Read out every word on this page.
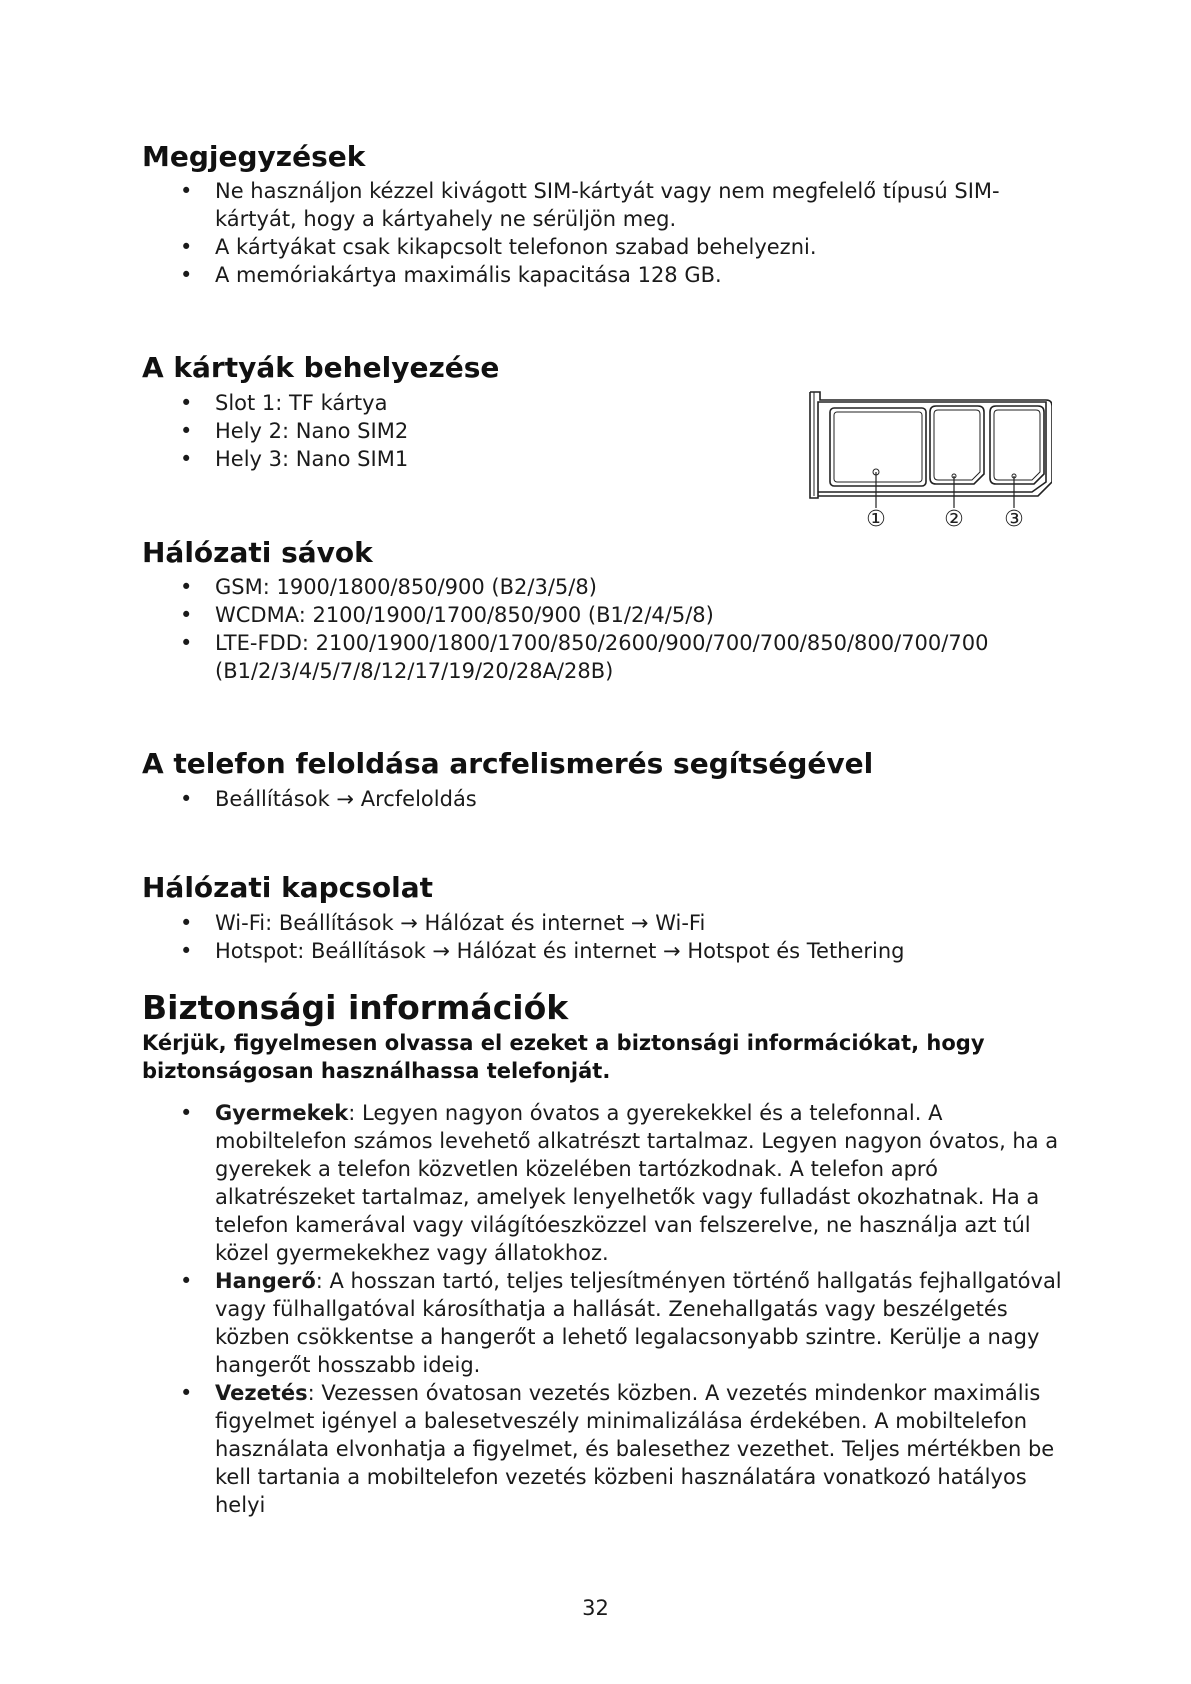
Megjegyzések
• Ne használjon kézzel kivágott SIM-kártyát vagy nem megfelelő típusú SIM-kártyát, hogy a kártyahely ne sérüljön meg.
• A kártyákat csak kikapcsolt telefonon szabad behelyezni.
• A memóriakártya maximális kapacitása 128 GB.
A kártyák behelyezése
• Slot 1: TF kártya
• Hely 2: Nano SIM2
• Hely 3: Nano SIM1
①	② ③
Hálózati sávok
• GSM: 1900/1800/850/900 (B2/3/5/8)
• WCDMA: 2100/1900/1700/850/900 (B1/2/4/5/8)
• LTE-FDD: 2100/1900/1800/1700/850/2600/900/700/700/850/800/700/700
(B1/2/3/4/5/7/8/12/17/19/20/28A/28B)
A telefon feloldása arcfelismerés segítségével
• Beállítások → Arcfeloldás
Hálózati kapcsolat
• Wi-Fi: Beállítások → Hálózat és internet → Wi-Fi
• Hotspot: Beállítások → Hálózat és internet → Hotspot és Tethering
Biztonsági információk

Kérjük, figyelmesen olvassa el ezeket a biztonsági információkat, hogy biztonságosan használhassa telefonját.

• Gyermekek: Legyen nagyon óvatos a gyerekekkel és a telefonnal. A mobiltelefon számos levehető alkatrészt tartalmaz. Legyen nagyon óvatos, ha a gyerekek a telefon közvetlen közelében tartózkodnak. A telefon apró alkatrészeket tartalmaz, amelyek lenyelhetők vagy fulladást okozhatnak. Ha a telefon kamerával vagy világítóeszközzel van felszerelve, ne használja azt túl közel gyermekekhez vagy állatokhoz.
• Hangerő: A hosszan tartó, teljes teljesítményen történő hallgatás fejhallgatóval vagy fülhallgatóval károsíthatja a hallását. Zenehallgatás vagy beszélgetés közben csökkentse a hangerőt a lehető legalacsonyabb szintre. Kerülje a nagy hangerőt hosszabb ideig.
• Vezetés: Vezessen óvatosan vezetés közben. A vezetés mindenkor maximális figyelmet igényel a balesetveszély minimalizálása érdekében. A mobiltelefon használata elvonhatja a figyelmet, és balesethez vezethet. Teljes mértékben be kell tartania a mobiltelefon vezetés közbeni használatára vonatkozó hatályos helyi
32
